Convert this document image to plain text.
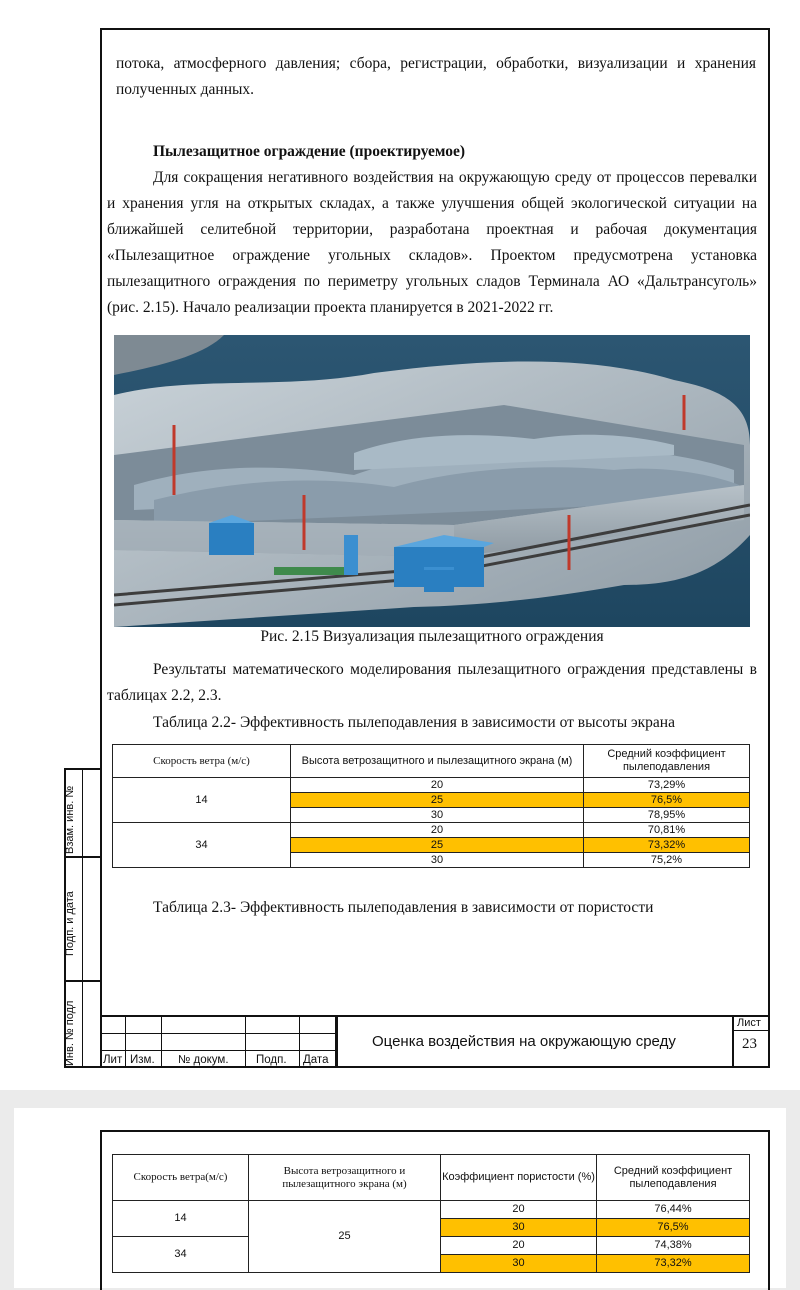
потока, атмосферного давления; сбора, регистрации, обработки, визуализации и хранения
полученных данных.
Пылезащитное ограждение (проектируемое)
Для сокращения негативного воздействия на окружающую среду от процессов перевалки
и хранения угля на открытых складах, а также улучшения общей экологической ситуации на
ближайшей селитебной территории, разработана проектная и рабочая документация
«Пылезащитное ограждение угольных складов». Проектом предусмотрена установка
пылезащитного ограждения по периметру угольных сладов Терминала АО «Дальтрансуголь»
(рис. 2.15). Начало реализации проекта планируется в 2021-2022 гг.
Рис. 2.15 Визуализация пылезащитного ограждения
Результаты математического моделирования пылезащитного ограждения представлены в
таблицах 2.2, 2.3.
Таблица 2.2- Эффективность пылеподавления в зависимости от высоты экрана
Скорость ветра (м/с)	Высота ветрозащитного и пылезащитного экрана (м)	Средний коэффициент пылеподавления
14	20	73,29%
	25	76,5%
	30	78,95%
34	20	70,81%
	25	73,32%
	30	75,2%
Таблица 2.3- Эффективность пылеподавления в зависимости от пористости
Взам. инв. №
Подп. и дата
Инв. № подл Лит Изм. № докум. Подп. Дата
Оценка воздействия на окружающую среду
Лист
23
Скорость ветра(м/с)	Высота ветрозащитного и пылезащитного экрана (м)	Коэффициент пористости (%)	Средний коэффициент пылеподавления
14	25	20	76,44%
		30	76,5%
34		20	74,38%
		30	73,32%
